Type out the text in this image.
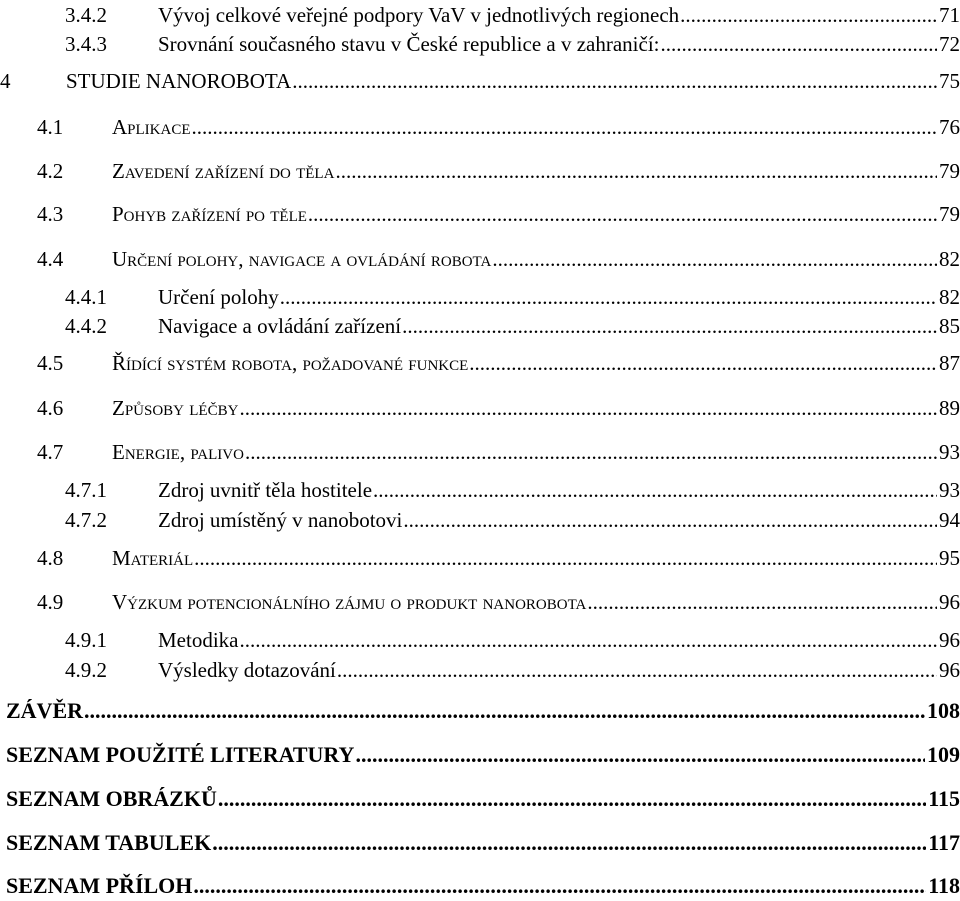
3.4.2 Vývoj celkové veřejné podpory VaV v jednotlivých regionech .....	71
3.4.3 Srovnání současného stavu v České republice a v zahraničí: .....	72
4	STUDIE NANOROBOTA .....	75
4.1 Aplikace .....	76
4.2 Zavedení zařízení do těla .....	79
4.3 Pohyb zařízení po těle .....	79
4.4 Určení polohy, navigace a ovládání robota .....	82
4.4.1 Určení polohy .....	82
4.4.2 Navigace a ovládání zařízení .....	85
4.5 Řídící systém robota, požadované funkce .....	87
4.6 Způsoby léčby .....	89
4.7 Energie, palivo .....	93
4.7.1 Zdroj uvnitř těla hostitele .....	93
4.7.2 Zdroj umístěný v nanobotovi .....	94
4.8 Materiál .....	95
4.9 Výzkum potencionálního zájmu o produkt nanorobota .....	96
4.9.1 Metodika .....	96
4.9.2 Výsledky dotazování .....	96
ZÁVĚR .....	108
SEZNAM POUŽITÉ LITERATURY .....	109
SEZNAM OBRÁZKŮ .....	115
SEZNAM TABULEK .....	117
SEZNAM PŘÍLOH .....	118
